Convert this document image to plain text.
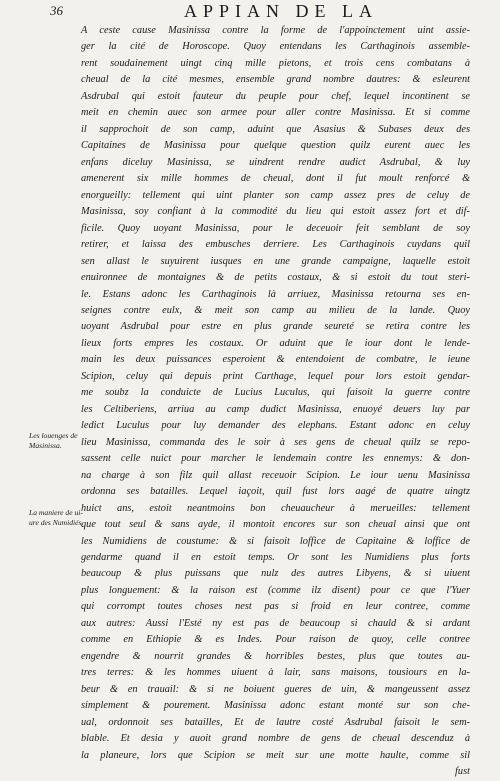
36	APPIAN DE LA
Les louenges de
Masinissa.
La maniere de ui-
ure des Numidiés.
A ceste cause Masinissa contre la forme de l'appoinctement uint assie-
ger la cité de Horoscope. Quoy entendans les Carthaginois assemble-
rent soudainement uingt cinq mille pietons, et trois cens combatans à
cheual de la cité mesmes, ensemble grand nombre dautres: & esleurent
Asdrubal qui estoit fauteur du peuple pour chef, lequel incontinent se
meit en chemin auec son armee pour aller contre Masinissa. Et si comme
il sapprochoit de son camp, aduint que Asasius & Subases deux des
Capitaines de Masinissa pour quelque question quilz eurent auec les
enfans diceluy Masinissa, se uindrent rendre audict Asdrubal, & luy
amenerent six mille hommes de cheual, dont il fut moult renforcé &
enorgueilly: tellement qui uint planter son camp assez pres de celuy de
Masinissa, soy confiant à la commodité du lieu qui estoit assez fort et dif-
ficile. Quoy uoyant Masinissa, pour le deceuoir feit semblant de soy
retirer, et laissa des embusches derriere. Les Carthaginois cuydans quil
sen allast le suyuirent iusques en une grande campaigne, laquelle estoit
enuironnee de montaignes & de petits costaux, & si estoit du tout steri-
le. Estans adonc les Carthaginois là arriuez, Masinissa retourna ses en-
seignes contre eulx, & meit son camp au milieu de la lande. Quoy
uoyant Asdrubal pour estre en plus grande seureté se retira contre les
lieux forts empres les costaux. Or aduint que le iour dont le lende-
main les deux puissances esperoient & entendoient de combatre, le ieune
Scipion, celuy qui depuis print Carthage, lequel pour lors estoit gendar-
me soubz la conduicte de Lucius Luculus, qui faisoit la guerre contre
les Celtiberiens, arriua au camp dudict Masinissa, enuoyé deuers luy par
ledict Luculus pour luy demander des elephans. Estant adonc en celuy
lieu Masinissa, commanda des le soir à ses gens de cheual quilz se repo-
sassent celle nuict pour marcher le lendemain contre les ennemys: & don-
na charge à son filz quil allast receuoir Scipion. Le iour uenu Masinissa
ordonna ses batailles. Lequel iaçoit, quil fust lors aagé de quatre uingtz
huict ans, estoit neantmoins bon cheuaucheur à merueilles: tellement
que tout seul & sans ayde, il montoit encores sur son cheual ainsi que ont
les Numidiens de coustume: & si faisoit loffice de Capitaine & loffice de
gendarme quand il en estoit temps. Or sont les Numidiens plus forts
beaucoup & plus puissans que nulz des autres Libyens, & si uiuent
plus longuement: & la raison est (comme ilz disent) pour ce que l'Yuer
qui corrompt toutes choses nest pas si froid en leur contree, comme
aux autres: Aussi l'Esté ny est pas de beaucoup si chauld & si ardant
comme en Ethiopie & es Indes. Pour raison de quoy, celle contree
engendre & nourrit grandes & horribles bestes, plus que toutes au-
tres terres: & les hommes uiuent à lair, sans maisons, tousiours en la-
beur & en trauail: & si ne boiuent gueres de uin, & mangeussent assez
simplement & pourement. Masinissa adonc estant monté sur son che-
ual, ordonnoit ses batailles, Et de lautre costé Asdrubal faisoit le sem-
blable. Et desia y auoit grand nombre de gens de cheual descenduz à
la planeure, lors que Scipion se meit sur une motte haulte, comme sil
fust
